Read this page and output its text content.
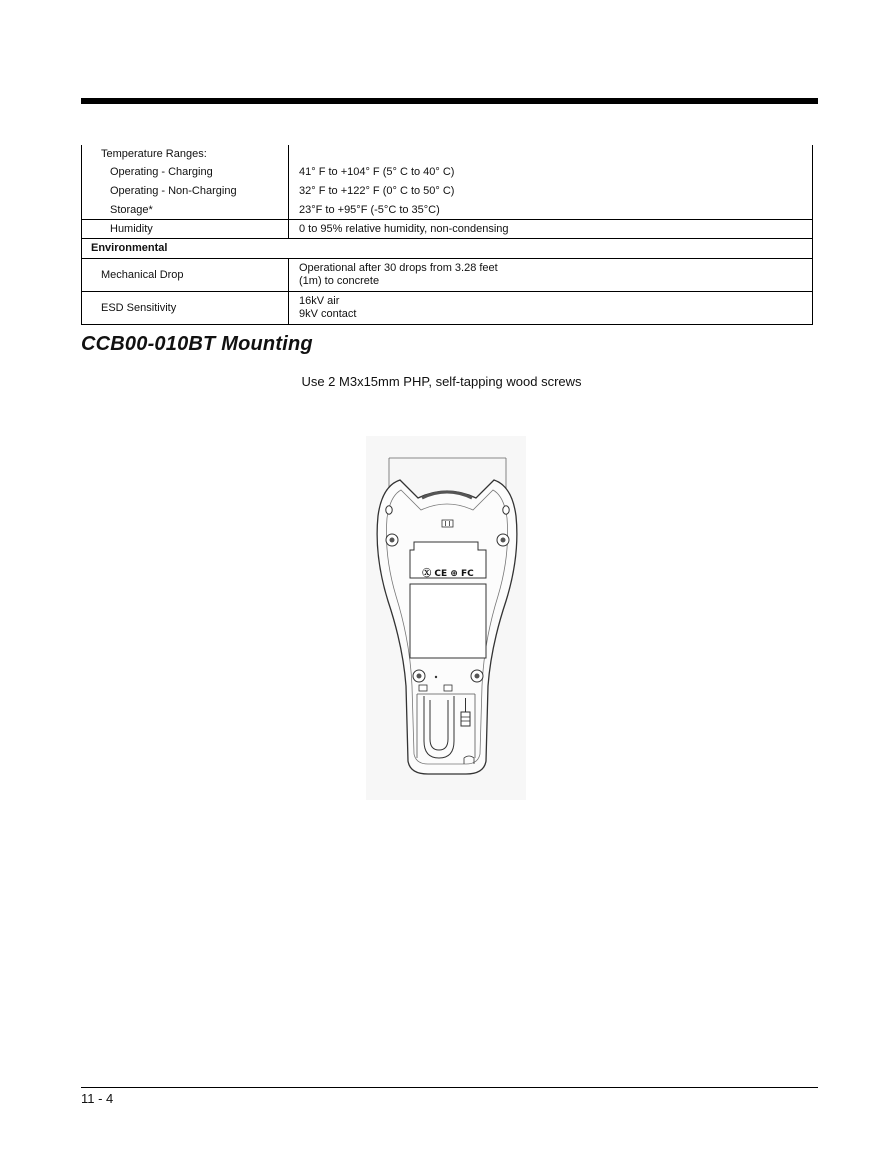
Temperature Ranges:	
Operating - Charging	41° F to +104° F (5° C to 40° C)
Operating - Non-Charging	32° F to +122° F (0° C to 50° C)
Storage*	23°F to +95°F (-5°C to 35°C)
Humidity	0 to 95% relative humidity, non-condensing
Environmental	
Mechanical Drop	Operational after 30 drops from 3.28 feet
(1m) to concrete

ESD Sensitivity	16kV air
9kV contact
CCB00-010BT Mounting
Use 2 M3x15mm PHP, self-tapping wood screws
Ⓧ CE ⊕ FC
11 - 4
